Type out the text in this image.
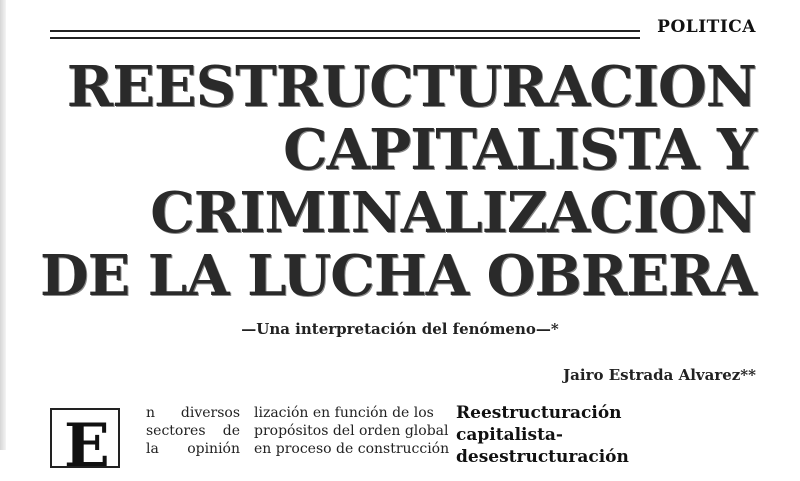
POLITICA
REESTRUCTURACION
CAPITALISTA Y
CRIMINALIZACION
DE LA LUCHA OBRERA
—Una interpretación del fenómeno—*
Jairo Estrada Alvarez**
E	n diversos
sectores de
la opinión
lización en función de los
propósitos del orden global
en proceso de construcción
Reestructuración
capitalista-
desestructuración
